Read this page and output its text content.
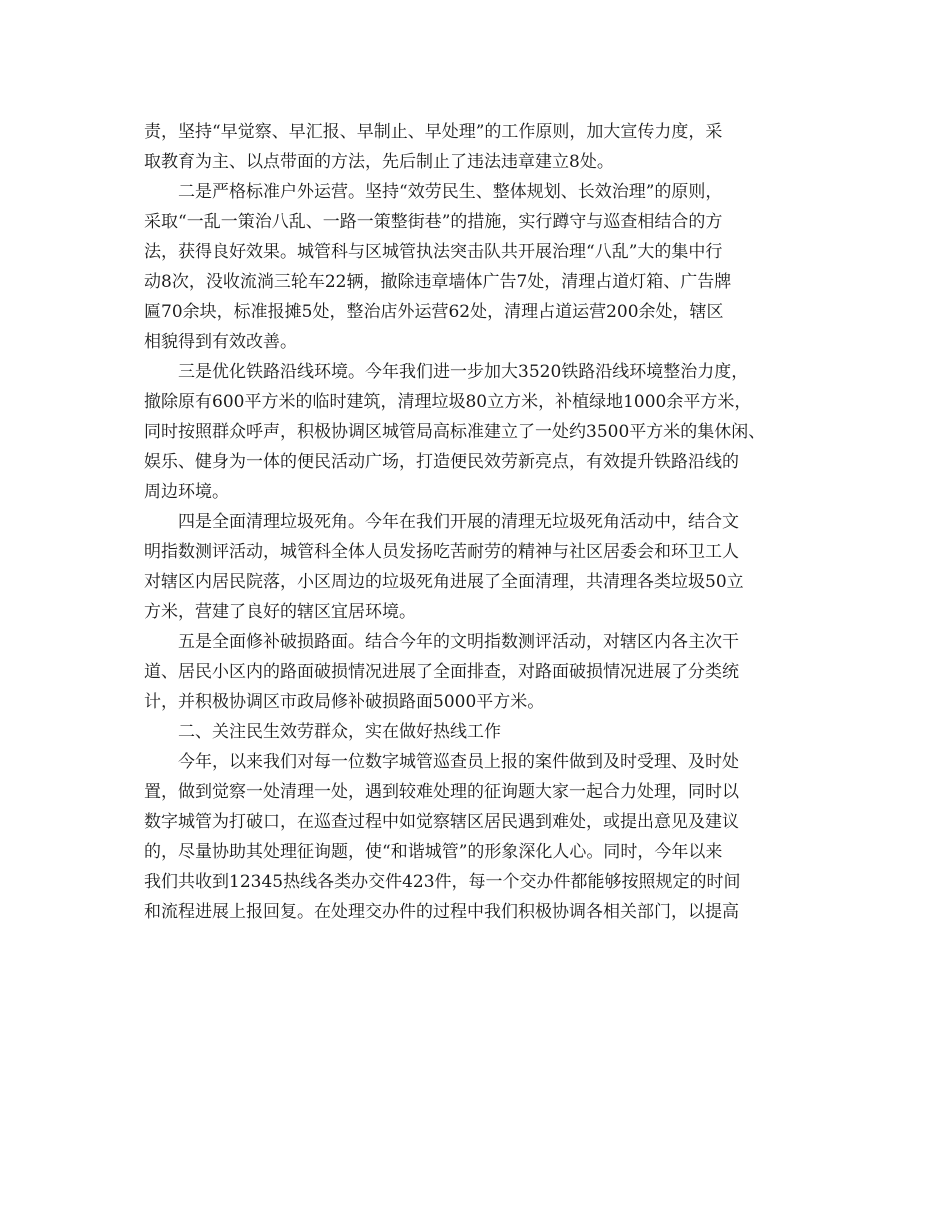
责，坚持“早觉察、早汇报、早制止、早处理”的工作原则，加大宣传力度，采
取教育为主、以点带面的方法，先后制止了违法违章建立8处。
二是严格标准户外运营。坚持“效劳民生、整体规划、长效治理”的原则，
采取“一乱一策治八乱、一路一策整街巷”的措施，实行蹲守与巡查相结合的方
法，获得良好效果。城管科与区城管执法突击队共开展治理“八乱”大的集中行
动8次，没收流淌三轮车22辆，撤除违章墙体广告7处，清理占道灯箱、广告牌
匾70余块，标准报摊5处，整治店外运营62处，清理占道运营200余处，辖区
相貌得到有效改善。
三是优化铁路沿线环境。今年我们进一步加大3520铁路沿线环境整治力度，
撤除原有600平方米的临时建筑，清理垃圾80立方米，补植绿地1000余平方米，
同时按照群众呼声，积极协调区城管局高标准建立了一处约3500平方米的集休闲、
娱乐、健身为一体的便民活动广场，打造便民效劳新亮点，有效提升铁路沿线的
周边环境。
四是全面清理垃圾死角。今年在我们开展的清理无垃圾死角活动中，结合文
明指数测评活动，城管科全体人员发扬吃苦耐劳的精神与社区居委会和环卫工人
对辖区内居民院落，小区周边的垃圾死角进展了全面清理，共清理各类垃圾50立
方米，营建了良好的辖区宜居环境。
五是全面修补破损路面。结合今年的文明指数测评活动，对辖区内各主次干
道、居民小区内的路面破损情况进展了全面排查，对路面破损情况进展了分类统
计，并积极协调区市政局修补破损路面5000平方米。
二、关注民生效劳群众，实在做好热线工作
今年，以来我们对每一位数字城管巡查员上报的案件做到及时受理、及时处
置，做到觉察一处清理一处，遇到较难处理的征询题大家一起合力处理，同时以
数字城管为打破口，在巡查过程中如觉察辖区居民遇到难处，或提出意见及建议
的，尽量协助其处理征询题，使“和谐城管”的形象深化人心。同时，今年以来
我们共收到12345热线各类办交件423件，每一个交办件都能够按照规定的时间
和流程进展上报回复。在处理交办件的过程中我们积极协调各相关部门，以提高
